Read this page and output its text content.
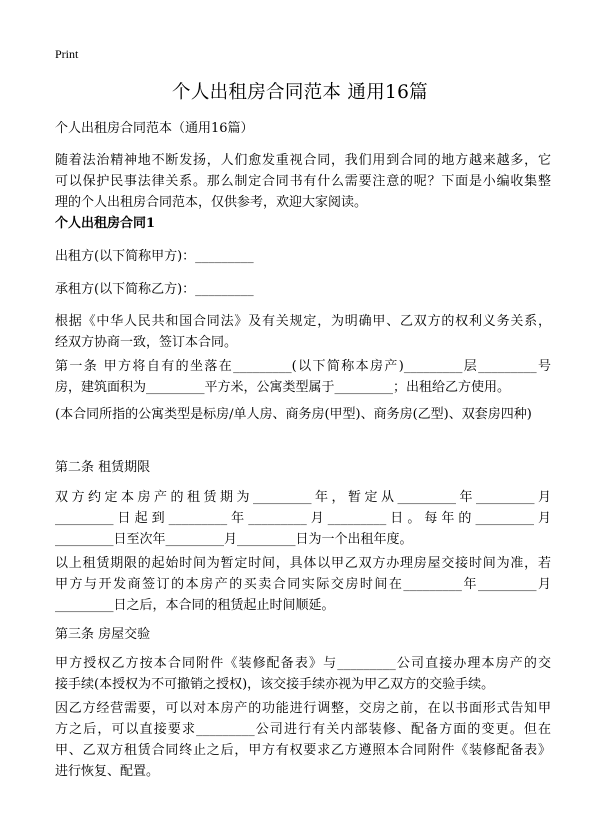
Print
个人出租房合同范本 通用16篇
个人出租房合同范本（通用16篇）
随着法治精神地不断发扬，人们愈发重视合同，我们用到合同的地方越来越多，它
可以保护民事法律关系。那么制定合同书有什么需要注意的呢？下面是小编收集整
理的个人出租房合同范本，仅供参考，欢迎大家阅读。
个人出租房合同1
出租方(以下简称甲方)：_________
承租方(以下简称乙方)：_________
根据《中华人民共和国合同法》及有关规定，为明确甲、乙双方的权利义务关系，
经双方协商一致，签订本合同。
第一条 甲方将自有的坐落在_________(以下简称本房产)_________层_________号
房，建筑面积为_________平方米，公寓类型属于_________；出租给乙方使用。
(本合同所指的公寓类型是标房/单人房、商务房(甲型)、商务房(乙型)、双套房四种)
第二条 租赁期限
双方约定本房产的租赁期为_________年，暂定从_________年_________月
_________日起到_________年_________月_________日。每年的_________月
_________日至次年_________月_________日为一个出租年度。
以上租赁期限的起始时间为暂定时间，具体以甲乙双方办理房屋交接时间为准，若
甲方与开发商签订的本房产的买卖合同实际交房时间在_________年_________月
_________日之后，本合同的租赁起止时间顺延。
第三条 房屋交验
甲方授权乙方按本合同附件《装修配备表》与_________公司直接办理本房产的交
接手续(本授权为不可撤销之授权)，该交接手续亦视为甲乙双方的交验手续。
因乙方经营需要，可以对本房产的功能进行调整，交房之前，在以书面形式告知甲
方之后，可以直接要求_________公司进行有关内部装修、配备方面的变更。但在
甲、乙双方租赁合同终止之后，甲方有权要求乙方遵照本合同附件《装修配备表》
进行恢复、配置。
